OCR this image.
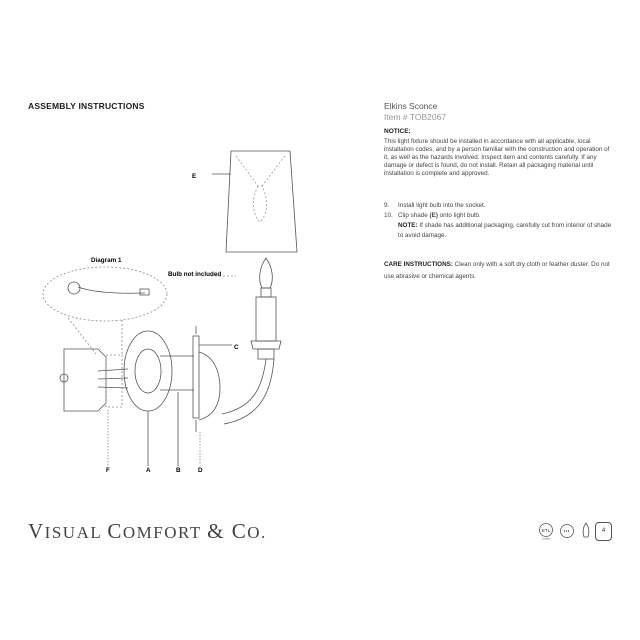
ASSEMBLY INSTRUCTIONS	Elkins Sconce
Item # TOB2067
NOTICE:
This light fixture should be installed in accordance with all applicable, local installation codes, and by a person familiar with the construction and operation of it, as well as the hazards involved. Inspect item and contents carefully. If any damage or defect is found, do not install. Retain all packaging material until installation is complete and approved.
9.	Install light bulb into the socket.
10. Clip shade (E) onto light bulb.
NOTE: If shade has additional packaging, carefully cut from interior of shade to avoid damage.
CARE INSTRUCTIONS: Clean only with a soft dry cloth or feather duster. Do not use abrasive or chemical agents.
E
Diagram 1
Bulb not included
C
F	A	B	D
VISUAL COMFORT & CO.	ETL
Listed
4
